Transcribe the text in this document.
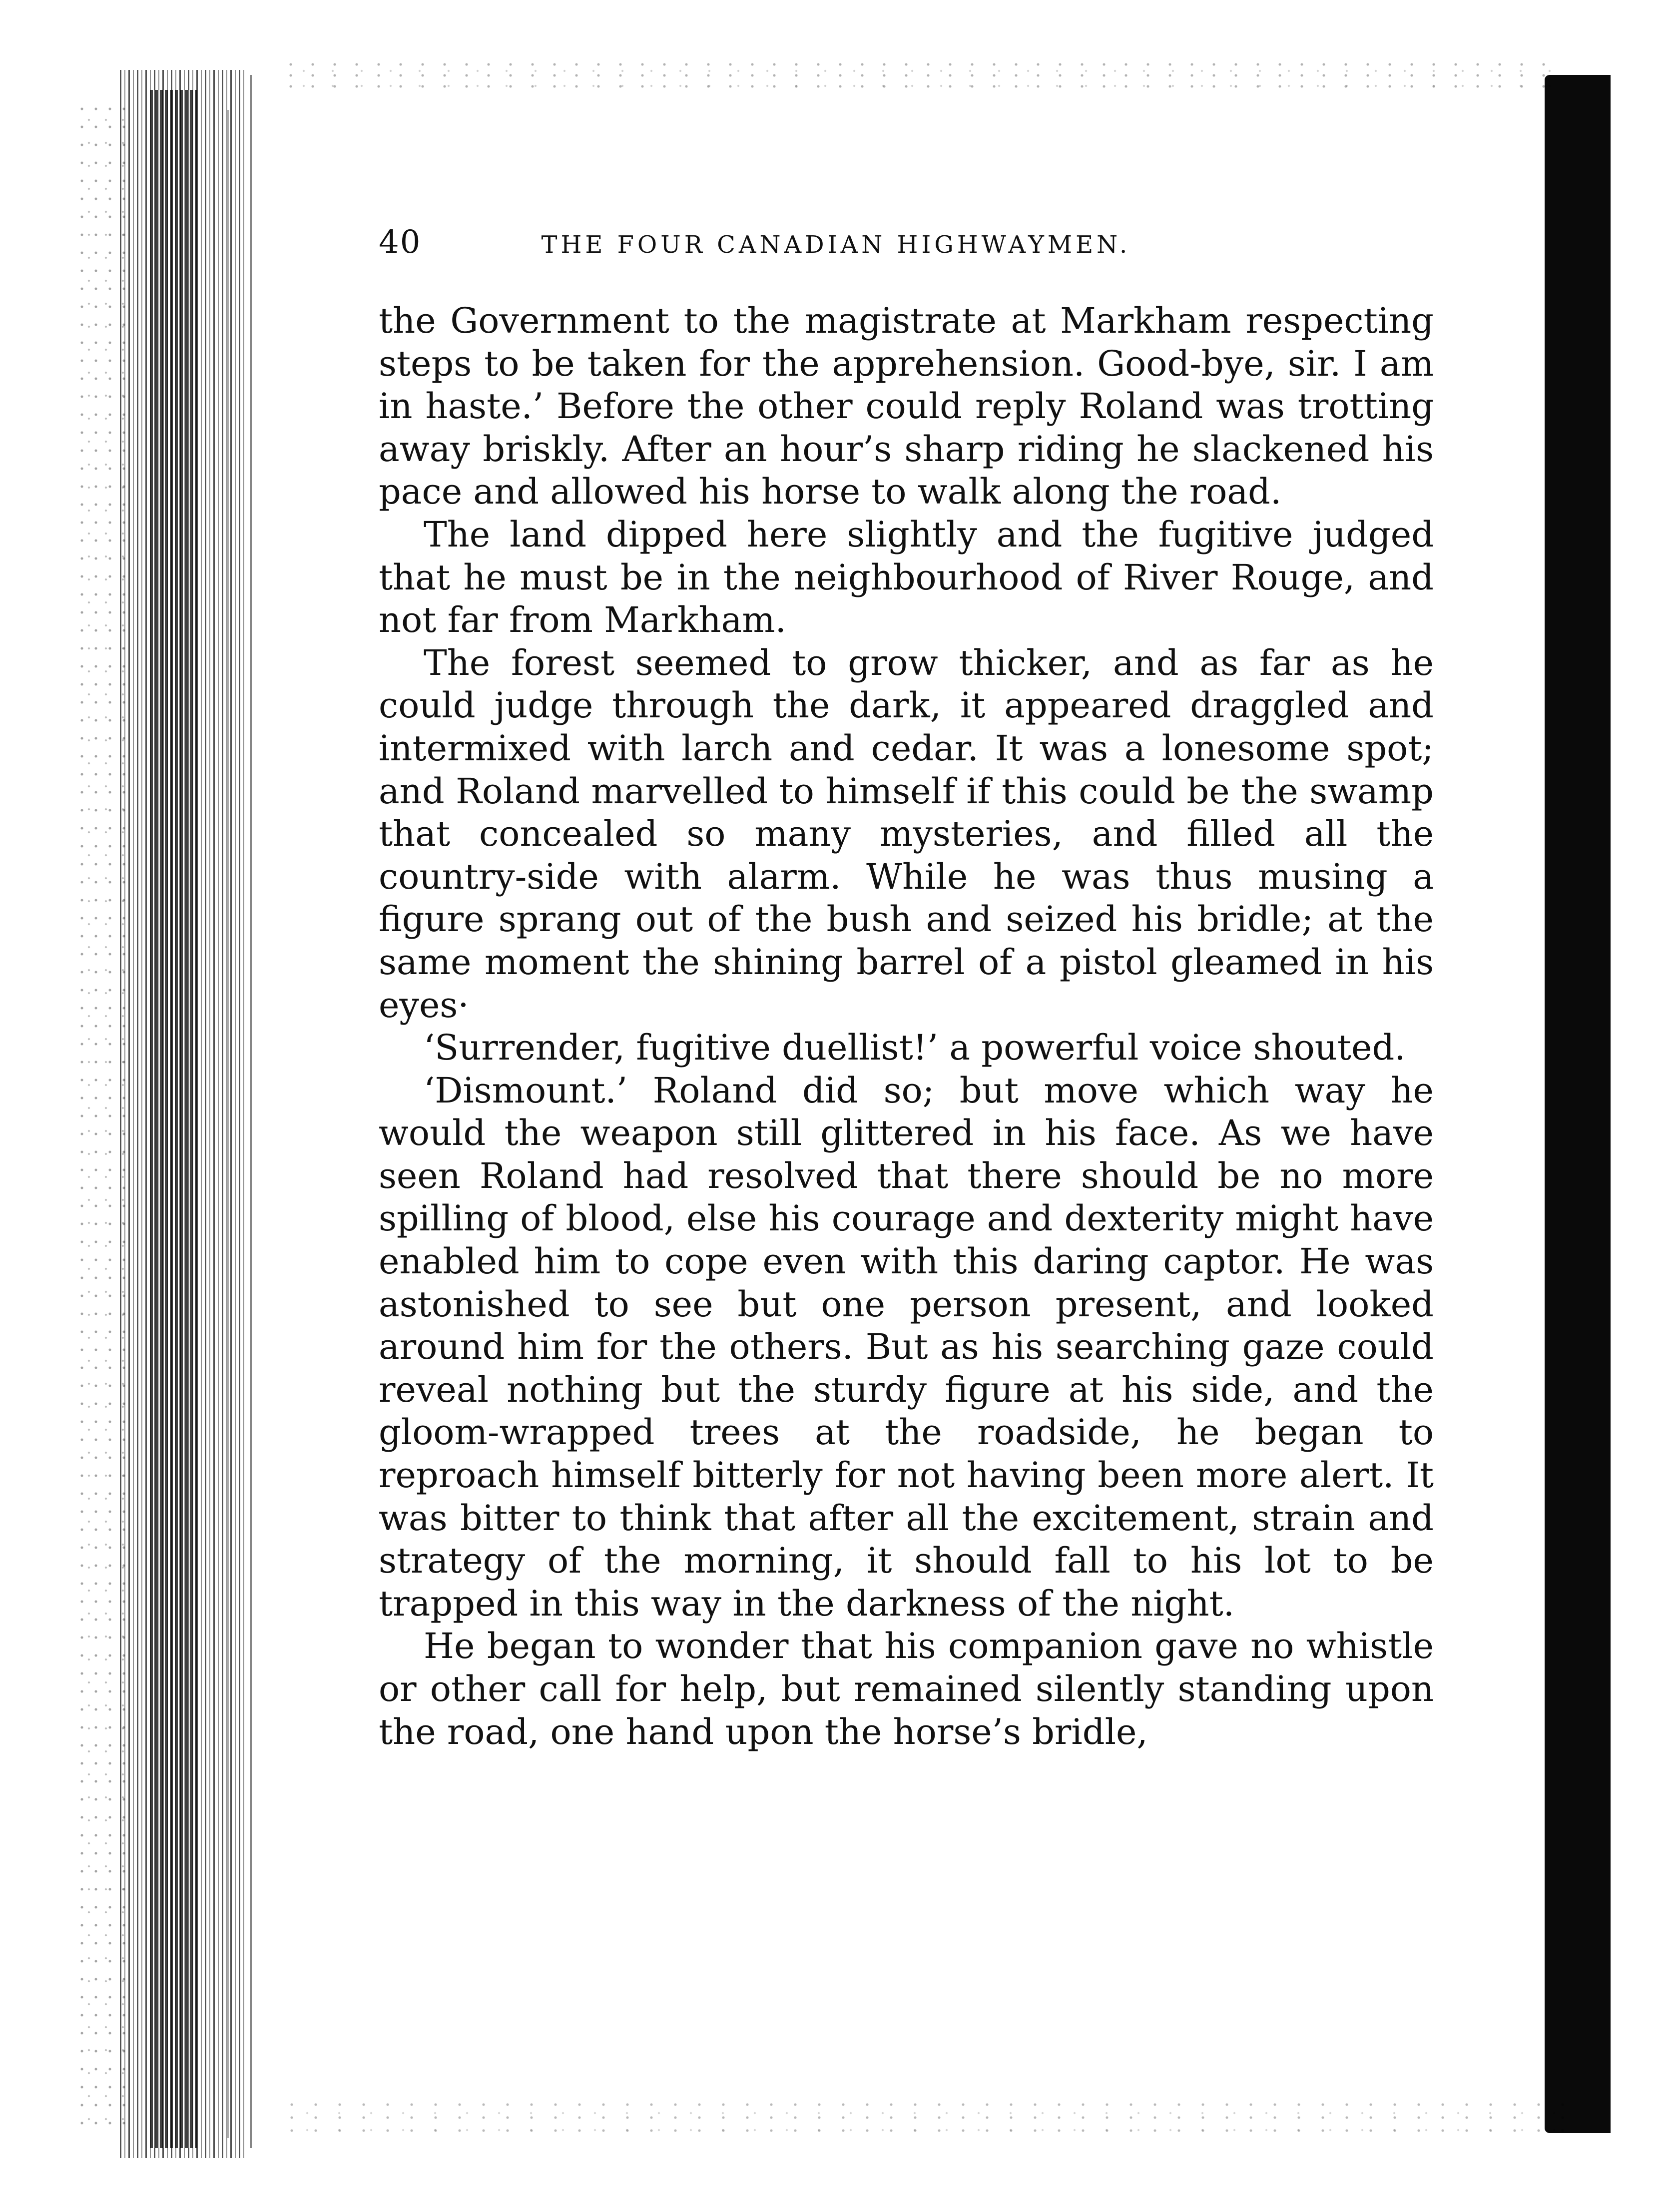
40	THE FOUR CANADIAN HIGHWAYMEN.

the Government to the magistrate at Markham respecting steps to be taken for the apprehension. Good-bye, sir. I am in haste.’ Before the other could reply Roland was trotting away briskly. After an hour’s sharp riding he slackened his pace and allowed his horse to walk along the road.

The land dipped here slightly and the fugitive judged that he must be in the neighbourhood of River Rouge, and not far from Markham.

The forest seemed to grow thicker, and as far as he could judge through the dark, it appeared draggled and intermixed with larch and cedar. It was a lonesome spot; and Roland marvelled to himself if this could be the swamp that concealed so many mysteries, and filled all the country-side with alarm. While he was thus musing a figure sprang out of the bush and seized his bridle; at the same moment the shining barrel of a pistol gleamed in his eyes·

‘Surrender, fugitive duellist!’ a powerful voice shouted.

‘Dismount.’ Roland did so; but move which way he would the weapon still glittered in his face. As we have seen Roland had resolved that there should be no more spilling of blood, else his courage and dexterity might have enabled him to cope even with this daring captor. He was astonished to see but one person present, and looked around him for the others. But as his searching gaze could reveal nothing but the sturdy figure at his side, and the gloom-wrapped trees at the roadside, he began to reproach himself bitterly for not having been more alert. It was bitter to think that after all the excitement, strain and strategy of the morning, it should fall to his lot to be trapped in this way in the darkness of the night.

He began to wonder that his companion gave no whistle or other call for help, but remained silently standing upon the road, one hand upon the horse’s bridle,
